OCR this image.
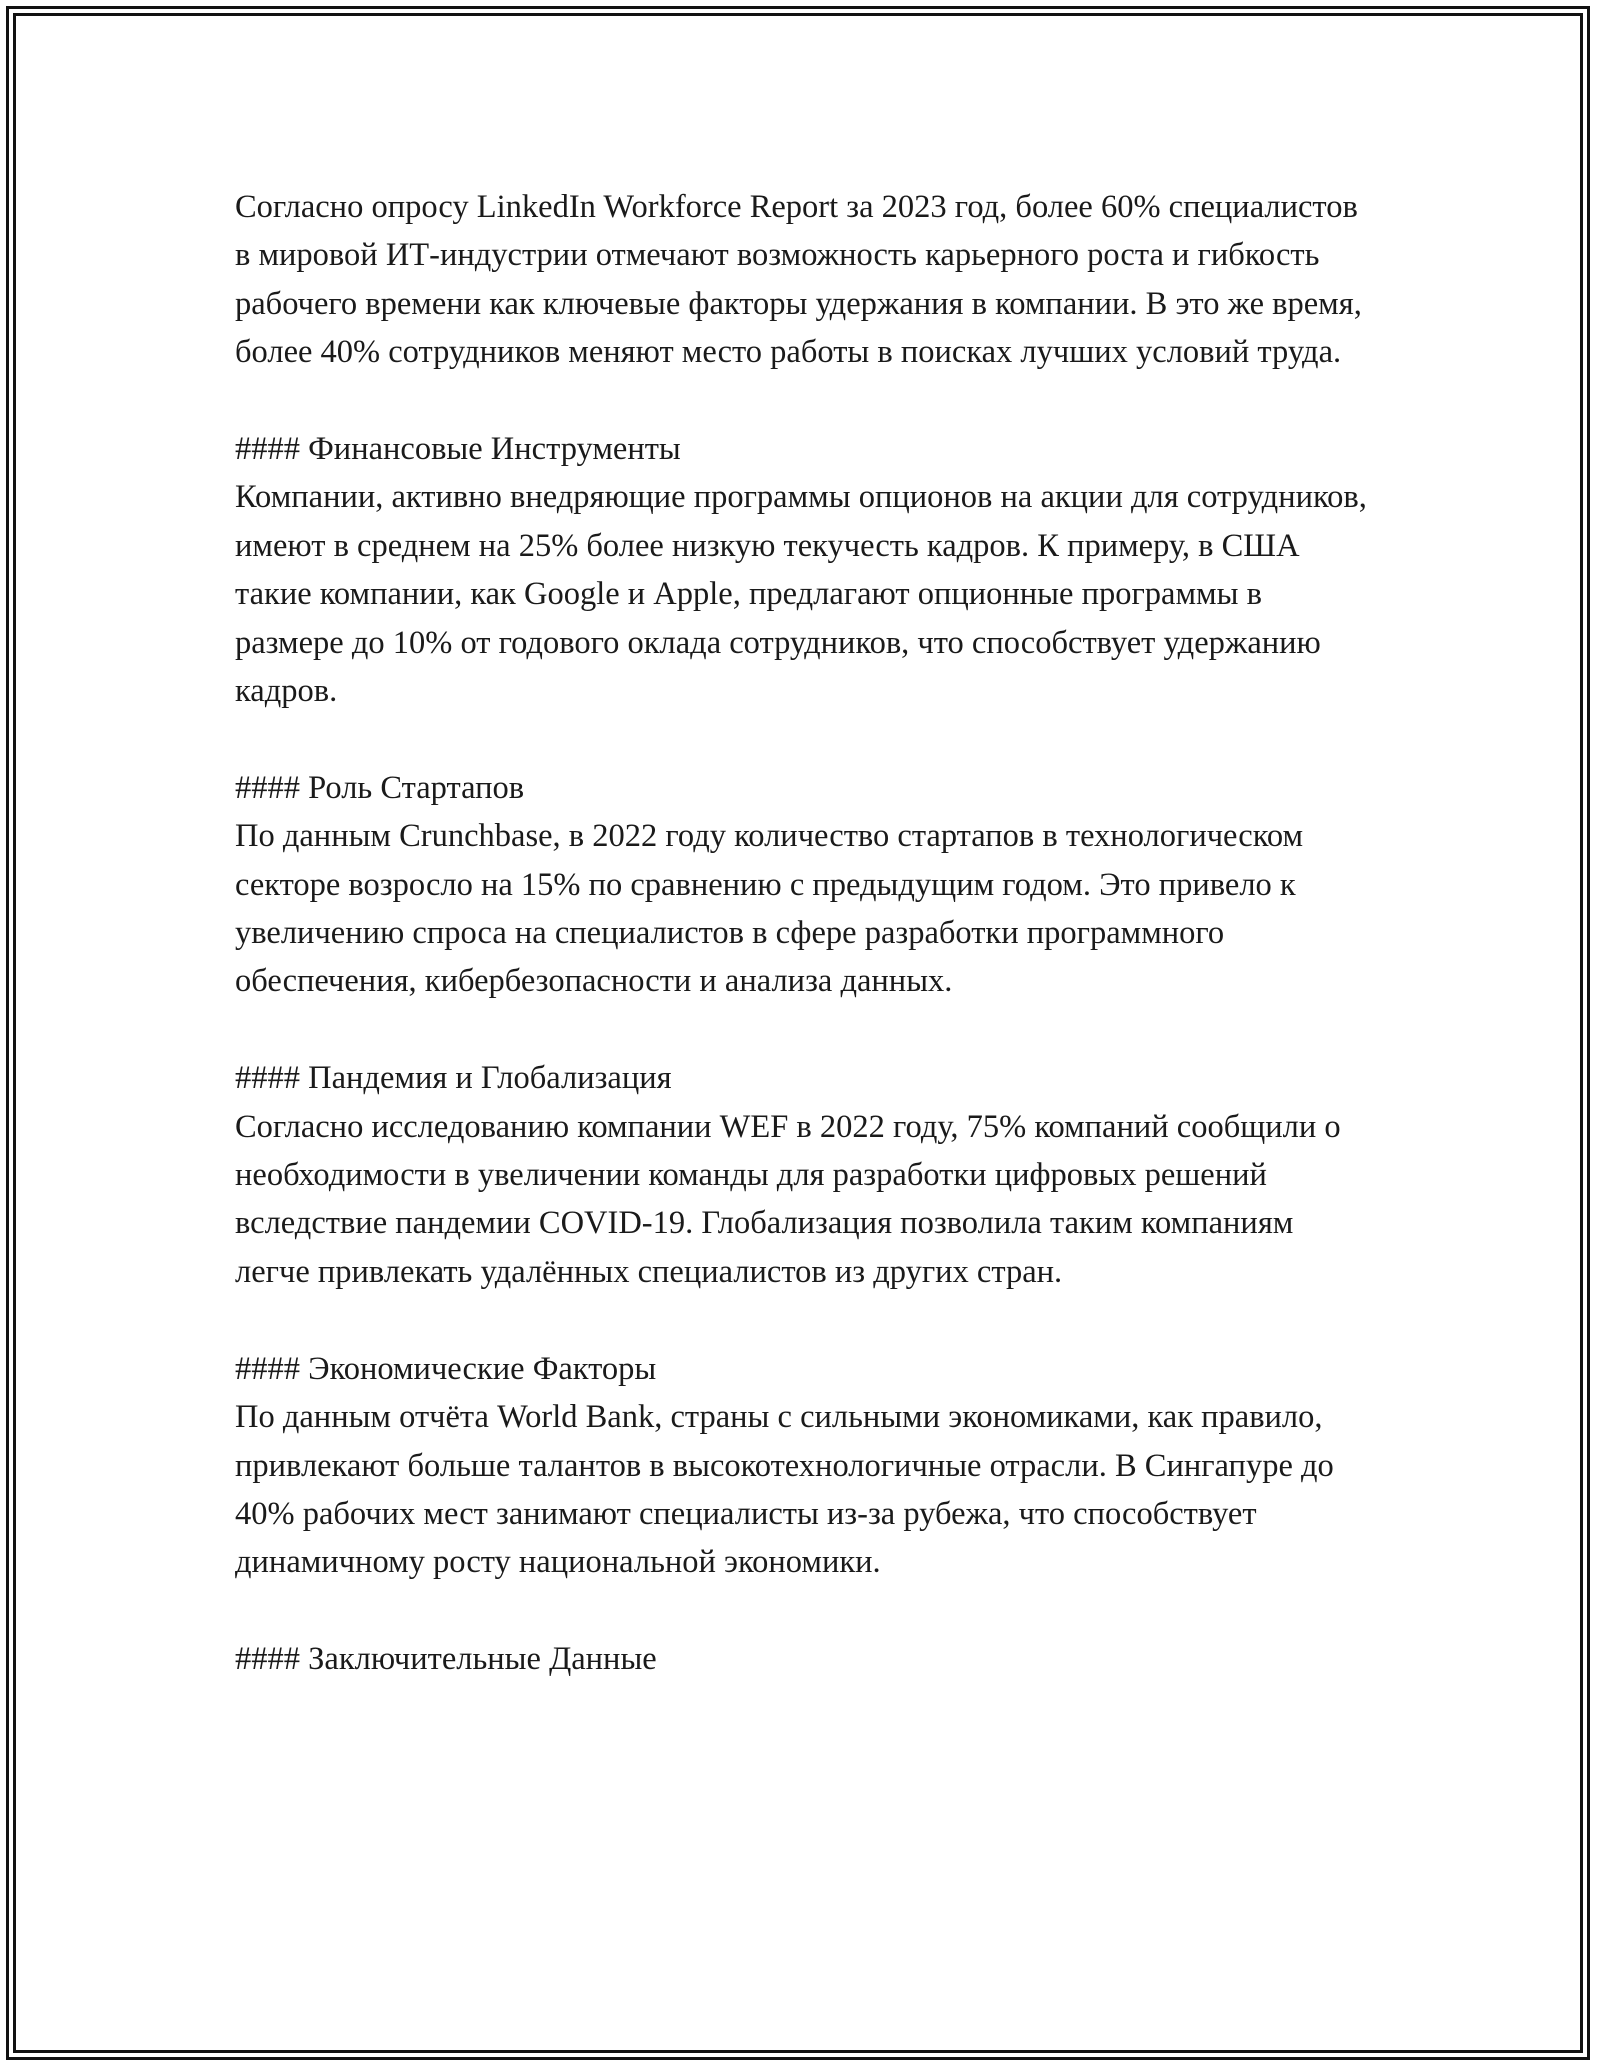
Согласно опросу LinkedIn Workforce Report за 2023 год, более 60% специалистов в мировой ИТ-индустрии отмечают возможность карьерного роста и гибкость рабочего времени как ключевые факторы удержания в компании. В это же время, более 40% сотрудников меняют место работы в поисках лучших условий труда.

#### Финансовые Инструменты

Компании, активно внедряющие программы опционов на акции для сотрудников, имеют в среднем на 25% более низкую текучесть кадров. К примеру, в США такие компании, как Google и Apple, предлагают опционные программы в размере до 10% от годового оклада сотрудников, что способствует удержанию кадров.

#### Роль Стартапов

По данным Crunchbase, в 2022 году количество стартапов в технологическом секторе возросло на 15% по сравнению с предыдущим годом. Это привело к увеличению спроса на специалистов в сфере разработки программного обеспечения, кибербезопасности и анализа данных.

#### Пандемия и Глобализация

Согласно исследованию компании WEF в 2022 году, 75% компаний сообщили о необходимости в увеличении команды для разработки цифровых решений вследствие пандемии COVID-19. Глобализация позволила таким компаниям легче привлекать удалённых специалистов из других стран.

#### Экономические Факторы

По данным отчёта World Bank, страны с сильными экономиками, как правило, привлекают больше талантов в высокотехнологичные отрасли. В Сингапуре до 40% рабочих мест занимают специалисты из-за рубежа, что способствует динамичному росту национальной экономики.

#### Заключительные Данные
